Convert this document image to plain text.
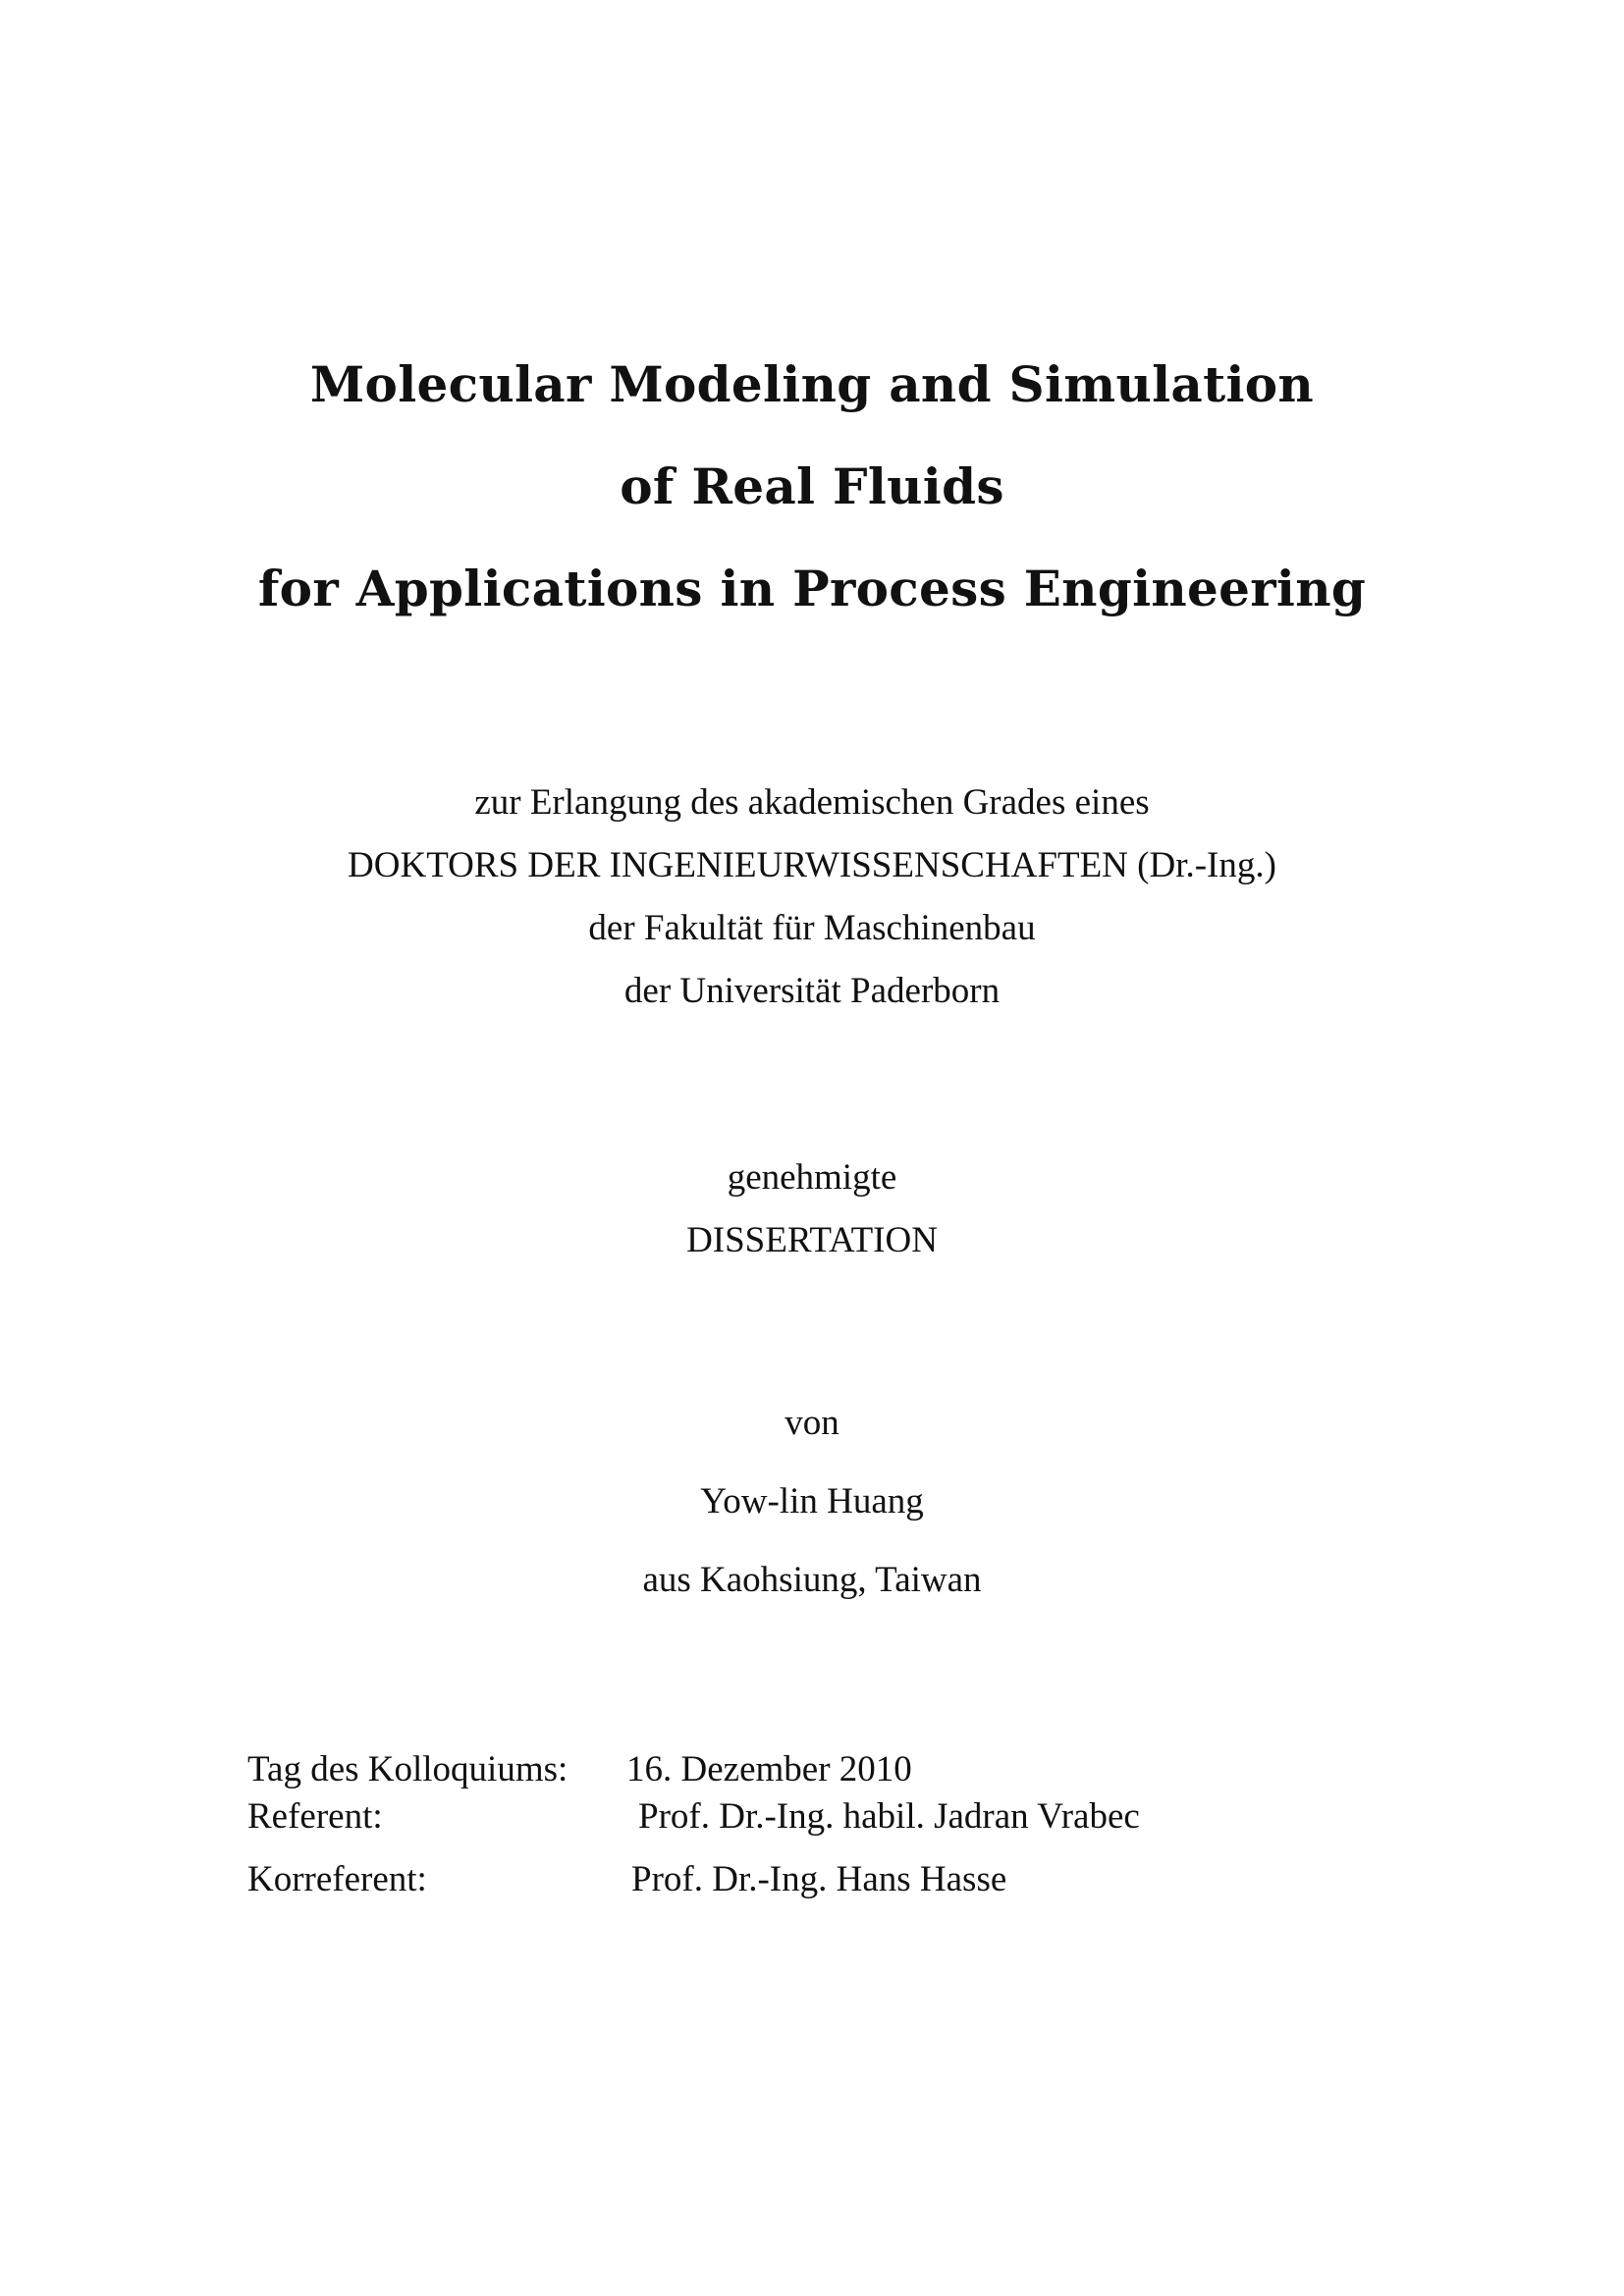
Molecular Modeling and Simulation
of Real Fluids
for Applications in Process Engineering
zur Erlangung des akademischen Grades eines
DOKTORS DER INGENIEURWISSENSCHAFTEN (Dr.-Ing.)
der Fakultät für Maschinenbau
der Universität Paderborn
genehmigte
DISSERTATION
von
Yow-lin Huang
aus Kaohsiung, Taiwan
Tag des Kolloquiums: 16. Dezember 2010
Referent:	Prof. Dr.-Ing. habil. Jadran Vrabec
Korreferent:	Prof. Dr.-Ing. Hans Hasse
